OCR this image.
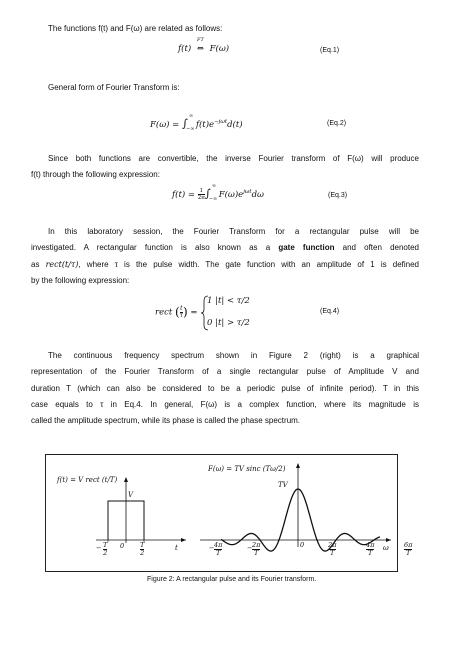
The functions f(t) and F(ω) are related as follows:
f(t)
FT
⇔ F(ω)	(Eq.1)
General form of Fourier Transform is:
F(ω) = ∫
∞
−∞ $f(t)e^{-j\omega t}d(t)$	(Eq.2)
Since both functions are convertible, the inverse Fourier transform of F(ω) will produce
f(t) through the following expression:
$f(t) = \frac{1}{2\pi}$ ∫
∞
−∞ $F(\omega)e^{j\omega t}d\omega$	(Eq.3)
In this laboratory session, the Fourier Transform for a rectangular pulse will be
investigated. A rectangular function is also known as a gate function and often denoted
as rect(t/τ), where τ is the pulse width. The gate function with an amplitude of 1 is defined
by the following expression:
rect ( $\frac{t}{\tau}$ ) =
1 |t| < τ/2
0 |t| > τ/2
(Eq.4)
The continuous frequency spectrum shown in Figure 2 (right) is a graphical
representation of the Fourier Transform of a single rectangular pulse of Amplitude V and
duration T (which can also be considered to be a periodic pulse of infinite period). T in this
case equals to τ in Eq.4. In general, F(ω) is a complex function, where its magnitude is
called the amplitude spectrum, while its phase is called the phase spectrum.
f(t) = V rect (t/T)
V
t
− $\frac{T}{2} 0 \frac{T}{2}$
F(ω) = TV sinc (Tω/2)
TV
ω
− $\frac{4\pi}{T}$	− $\frac{2\pi}{T}$	0	$\frac{2\pi}{T}$	$\frac{4\pi}{T}$	$\frac{6\pi}{T}$
Figure 2: A rectangular pulse and its Fourier transform.
